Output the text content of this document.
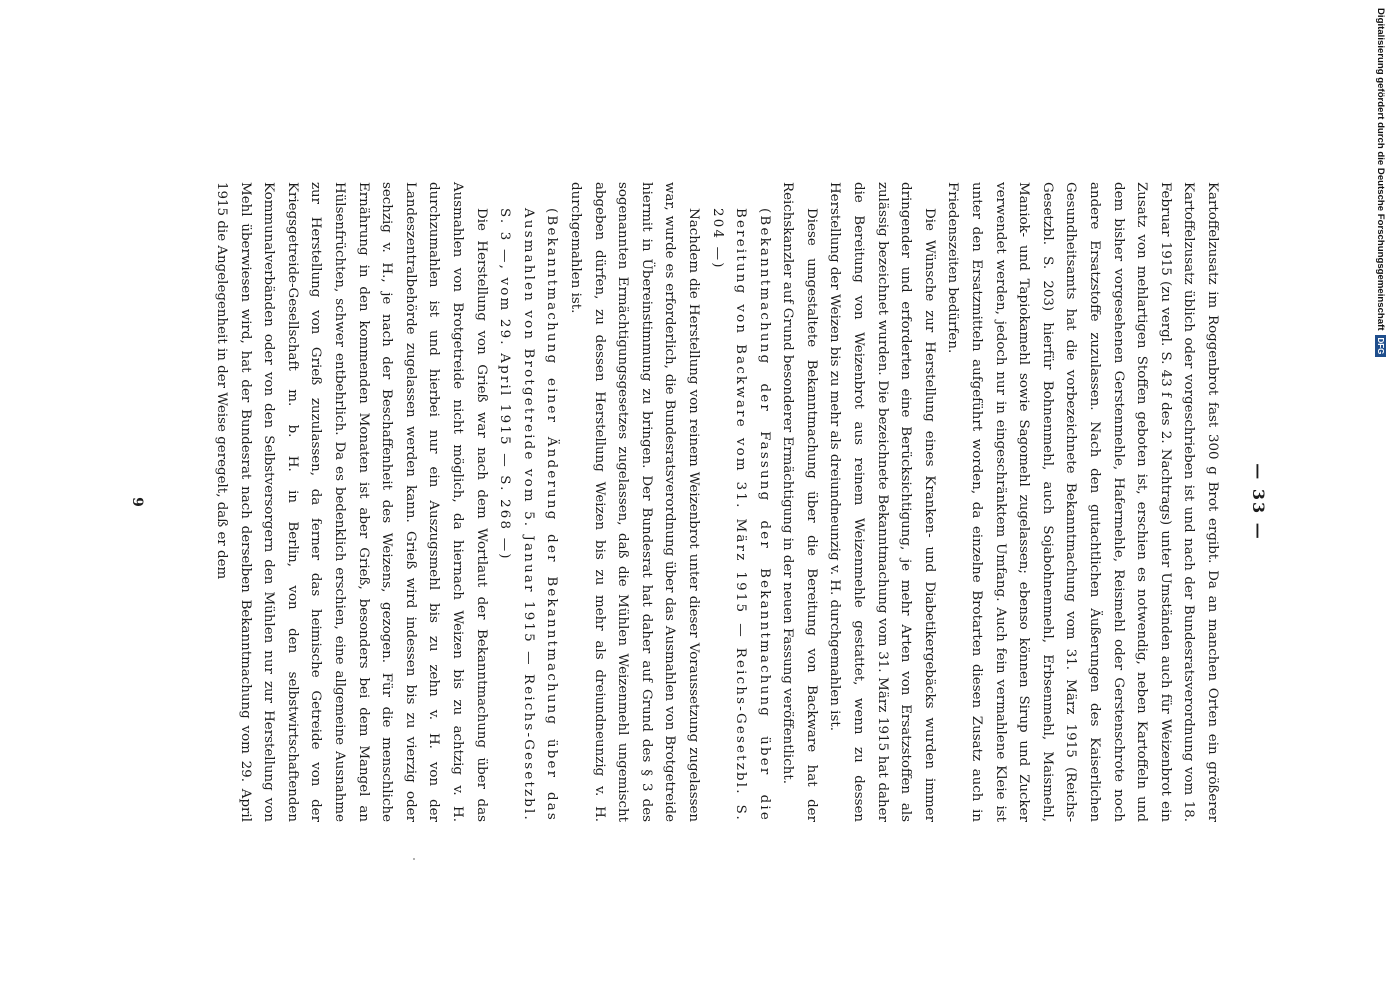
— 33 —

Kartoffelzusatz im Roggenbrot fast 300 g Brot ergibt. Da an manchen Orten ein größerer Kartoffelzusatz üblich oder vorgeschrieben ist und nach der Bundesratsverordnung vom 18. Februar 1915 (zu vergl. S. 43 f des 2. Nachtrags) unter Umständen auch für Weizenbrot ein Zusatz von mehlartigen Stoffen geboten ist, erschien es notwendig, neben Kartoffeln und dem bisher vorgesehenen Gerstenmehle, Hafermehle, Reismehl oder Gerstenschrote noch andere Ersatzstoffe zuzulassen. Nach den gutachtlichen Äußerungen des Kaiserlichen Gesundheitsamts hat die vorbezeichnete Bekanntmachung vom 31. März 1915 (Reichs-Gesetzbl. S. 203) hierfür Bohnenmehl, auch Sojabohnenmehl, Erbsenmehl, Maismehl, Maniok- und Tapiokamehl sowie Sagomehl zugelassen; ebenso können Sirup und Zucker verwendet werden, jedoch nur in eingeschränktem Umfang. Auch fein vermahlene Kleie ist unter den Ersatzmitteln aufgeführt worden, da einzelne Brotarten diesen Zusatz auch in Friedenszeiten bedürfen.

Die Wünsche zur Herstellung eines Kranken- und Diabetikergebäcks wurden immer dringender und erforderten eine Berücksichtigung, je mehr Arten von Ersatzstoffen als zulässig bezeichnet wurden. Die bezeichnete Bekanntmachung vom 31. März 1915 hat daher die Bereitung von Weizenbrot aus reinem Weizenmehle gestattet, wenn zu dessen Herstellung der Weizen bis zu mehr als dreiundneunzig v. H. durchgemahlen ist.

Diese umgestaltete Bekanntmachung über die Bereitung von Backware hat der Reichskanzler auf Grund besonderer Ermächtigung in der neuen Fassung veröffentlicht.

(Bekanntmachung der Fassung der Bekanntmachung über die Bereitung von Backware vom 31. März 1915 — Reichs-Gesetzbl. S. 204 —)

Nachdem die Herstellung von reinem Weizenbrot unter dieser Voraussetzung zugelassen war, wurde es erforderlich, die Bundesratsverordnung über das Ausmahlen von Brotgetreide hiermit in Übereinstimmung zu bringen. Der Bundesrat hat daher auf Grund des § 3 des sogenannten Ermächtigungsgesetzes zugelassen, daß die Mühlen Weizenmehl ungemischt abgeben dürfen, zu dessen Herstellung Weizen bis zu mehr als dreiundneunzig v. H. durchgemahlen ist.

(Bekanntmachung einer Änderung der Bekanntmachung über das Ausmahlen von Brotgetreide vom 5. Januar 1915 — Reichs-Gesetzbl. S. 3 —, vom 29. April 1915 — S. 268 —)

Die Herstellung von Grieß war nach dem Wortlaut der Bekanntmachung über das Ausmahlen von Brotgetreide nicht möglich, da hiernach Weizen bis zu achtzig v. H. durchzumahlen ist und hierbei nur ein Auszugsmehl bis zu zehn v. H. von der Landeszentralbehörde zugelassen werden kann. Grieß wird indessen bis zu vierzig oder sechzig v. H., je nach der Beschaffenheit des Weizens, gezogen. Für die menschliche Ernährung in den kommenden Monaten ist aber Grieß, besonders bei dem Mangel an Hülsenfrüchten, schwer entbehrlich. Da es bedenklich erschien, eine allgemeine Ausnahme zur Herstellung von Grieß zuzulassen, da ferner das heimische Getreide von der Kriegsgetreide-Gesellschaft m. b. H. in Berlin, von den selbstwirtschaftenden Kommunalverbänden oder von den Selbstversorgern den Mühlen nur zur Herstellung von Mehl überwiesen wird, hat der Bundesrat nach derselben Bekanntmachung vom 29. April 1915 die Angelegenheit in der Weise geregelt, daß er dem

9
Digitalisierung gefördert durch die Deutsche Forschungsgemeinschaft
DFG
